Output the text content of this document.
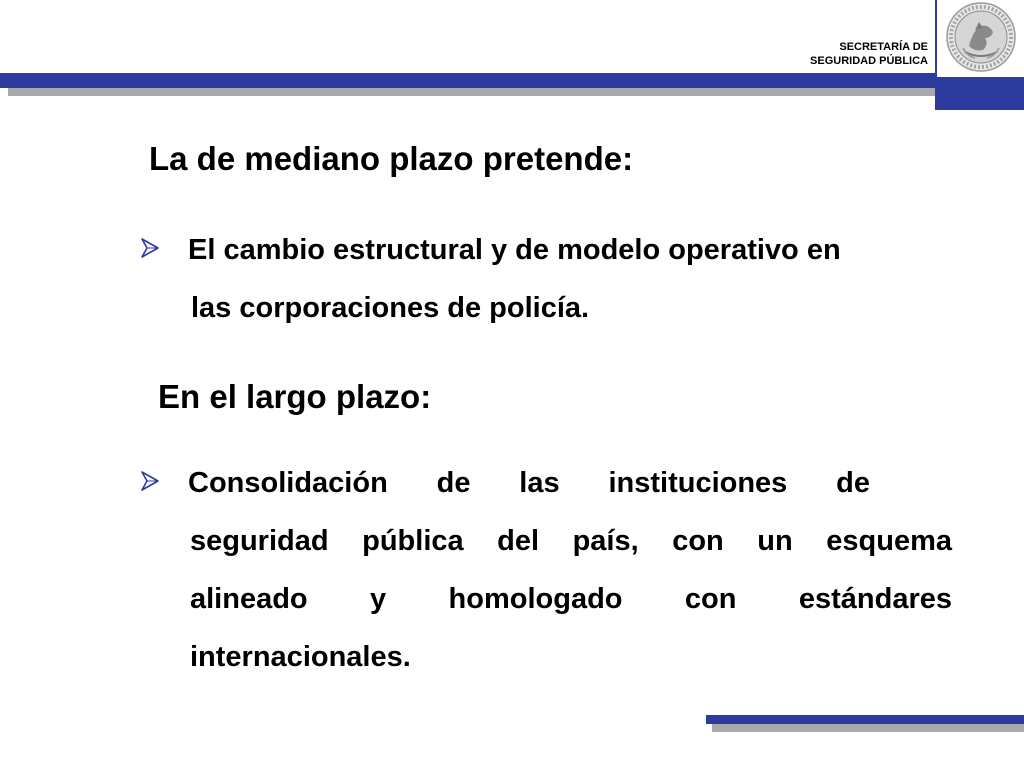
SECRETARÍA DE
SEGURIDAD PÚBLICA
La de mediano plazo pretende:
El cambio estructural y de modelo operativo en
las corporaciones de policía.
En el largo plazo:
Consolidación de las instituciones de
seguridad pública del país, con un esquema
alineado y homologado con estándares
internacionales.
